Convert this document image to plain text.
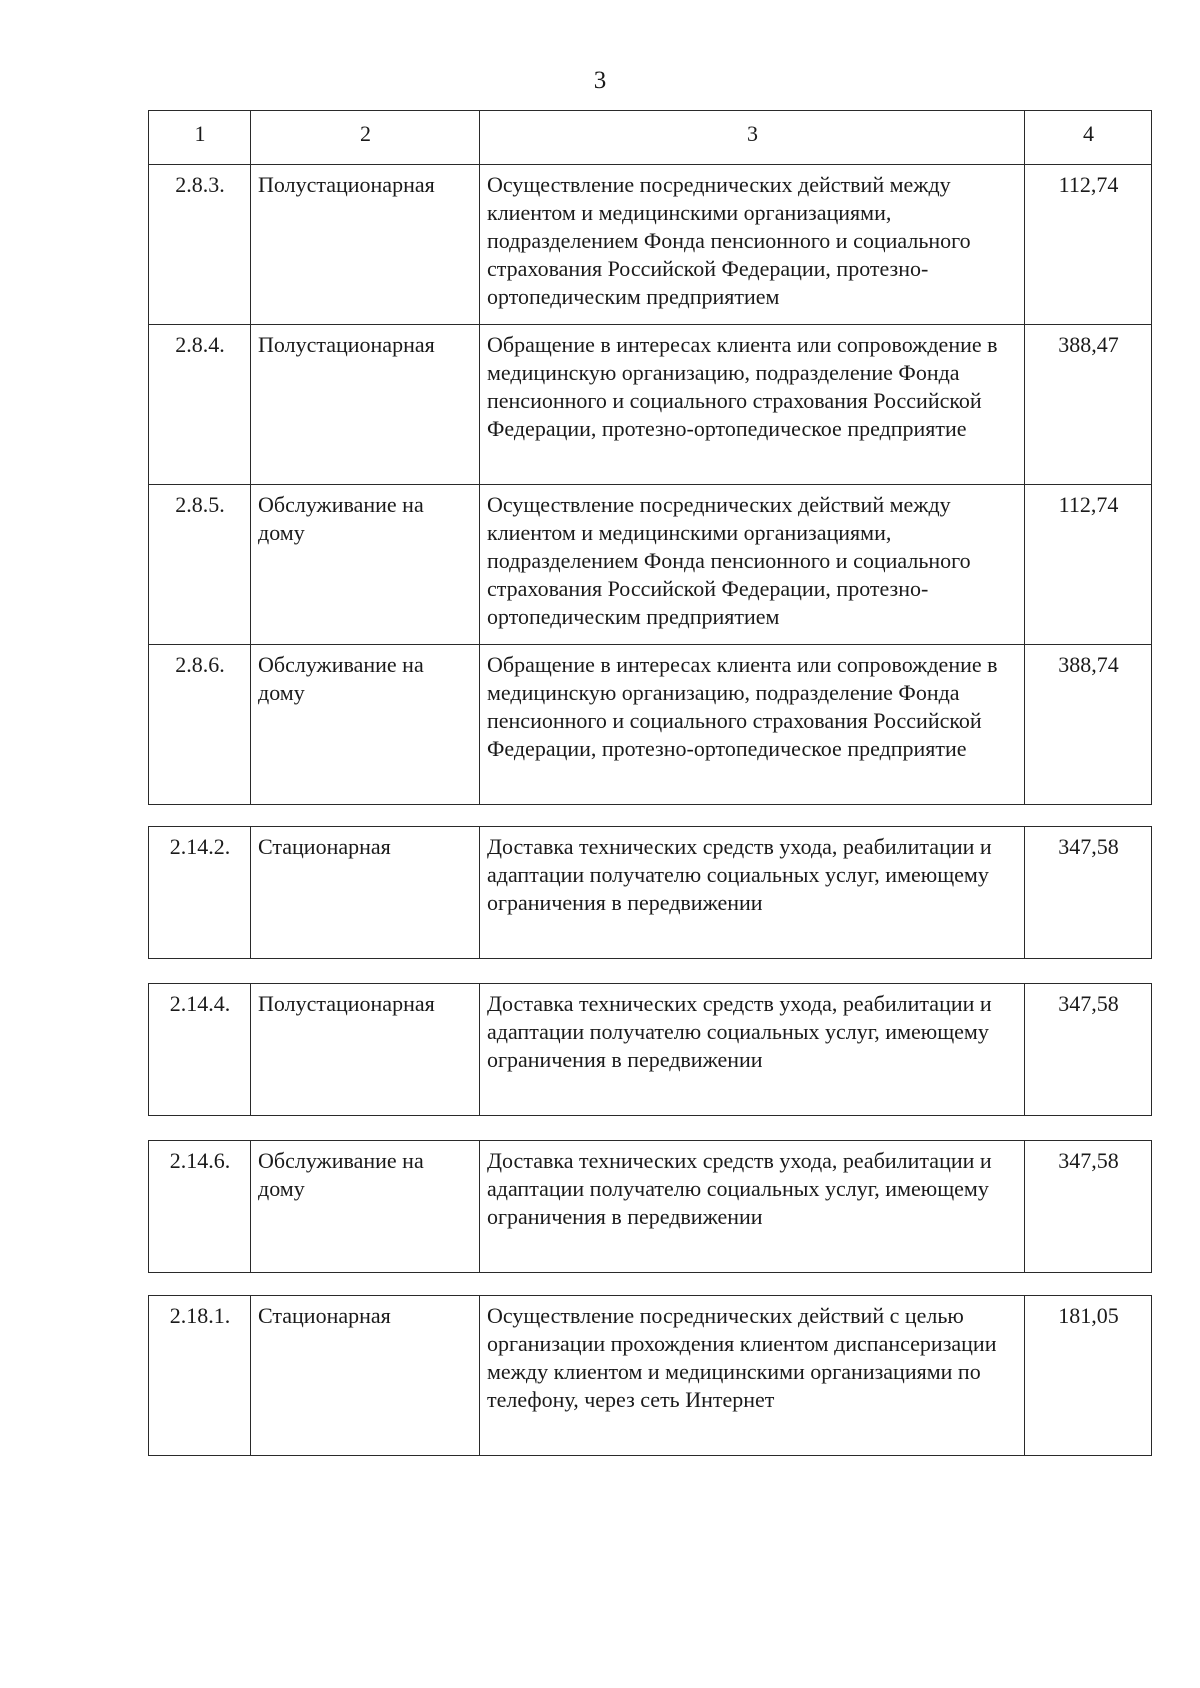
3
1	2	3	4
2.8.3.	Полустационарная	Осуществление посреднических действий между клиентом и медицинскими организациями, подразделением Фонда пенсионного и социального страхования Российской Федерации, протезно-ортопедическим предприятием	112,74
2.8.4.	Полустационарная	Обращение в интересах клиента или сопровождение в медицинскую организацию, подразделение Фонда пенсионного и социального страхования Российской Федерации, протезно-ортопедическое предприятие	388,47
2.8.5.	Обслуживание на дому	Осуществление посреднических действий между клиентом и медицинскими организациями, подразделением Фонда пенсионного и социального страхования Российской Федерации, протезно-ортопедическим предприятием	112,74
2.8.6.	Обслуживание на дому	Обращение в интересах клиента или сопровождение в медицинскую организацию, подразделение Фонда пенсионного и социального страхования Российской Федерации, протезно-ортопедическое предприятие	388,74
2.14.2.	Стационарная	Доставка технических средств ухода, реабилитации и адаптации получателю социальных услуг, имеющему ограничения в передвижении	347,58
2.14.4.	Полустационарная	Доставка технических средств ухода, реабилитации и адаптации получателю социальных услуг, имеющему ограничения в передвижении	347,58
2.14.6.	Обслуживание на дому	Доставка технических средств ухода, реабилитации и адаптации получателю социальных услуг, имеющему ограничения в передвижении	347,58
2.18.1.	Стационарная	Осуществление посреднических действий с целью организации прохождения клиентом диспансеризации между клиентом и медицинскими организациями по телефону, через сеть Интернет	181,05
